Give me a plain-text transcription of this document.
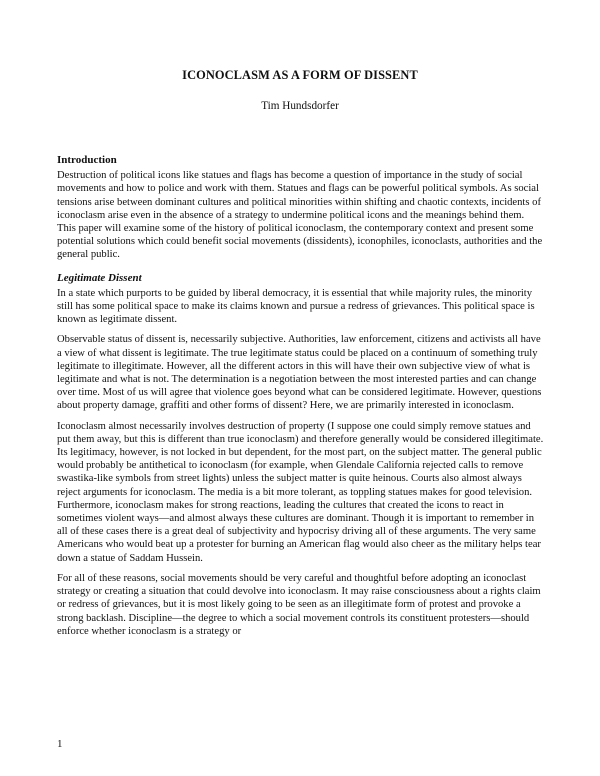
ICONOCLASM AS A FORM OF DISSENT
Tim Hundsdorfer
Introduction

Destruction of political icons like statues and flags has become a question of importance in the study of social movements and how to police and work with them. Statues and flags can be powerful political symbols. As social tensions arise between dominant cultures and political minorities within shifting and chaotic contexts, incidents of iconoclasm arise even in the absence of a strategy to undermine political icons and the meanings behind them. This paper will examine some of the history of political iconoclasm, the contemporary context and present some potential solutions which could benefit social movements (dissidents), iconophiles, iconoclasts, authorities and the general public.

Legitimate Dissent

In a state which purports to be guided by liberal democracy, it is essential that while majority rules, the minority still has some political space to make its claims known and pursue a redress of grievances. This political space is known as legitimate dissent.

Observable status of dissent is, necessarily subjective. Authorities, law enforcement, citizens and activists all have a view of what dissent is legitimate. The true legitimate status could be placed on a continuum of something truly legitimate to illegitimate. However, all the different actors in this will have their own subjective view of what is legitimate and what is not. The determination is a negotiation between the most interested parties and can change over time. Most of us will agree that violence goes beyond what can be considered legitimate. However, questions about property damage, graffiti and other forms of dissent? Here, we are primarily interested in iconoclasm.

Iconoclasm almost necessarily involves destruction of property (I suppose one could simply remove statues and put them away, but this is different than true iconoclasm) and therefore generally would be considered illegitimate. Its legitimacy, however, is not locked in but dependent, for the most part, on the subject matter. The general public would probably be antithetical to iconoclasm (for example, when Glendale California rejected calls to remove swastika-like symbols from street lights) unless the subject matter is quite heinous. Courts also almost always reject arguments for iconoclasm. The media is a bit more tolerant, as toppling statues makes for good television. Furthermore, iconoclasm makes for strong reactions, leading the cultures that created the icons to react in sometimes violent ways—and almost always these cultures are dominant. Though it is important to remember in all of these cases there is a great deal of subjectivity and hypocrisy driving all of these arguments. The very same Americans who would beat up a protester for burning an American flag would also cheer as the military helps tear down a statue of Saddam Hussein.

For all of these reasons, social movements should be very careful and thoughtful before adopting an iconoclast strategy or creating a situation that could devolve into iconoclasm. It may raise consciousness about a rights claim or redress of grievances, but it is most likely going to be seen as an illegitimate form of protest and provoke a strong backlash. Discipline—the degree to which a social movement controls its constituent protesters—should enforce whether iconoclasm is a strategy or

1
